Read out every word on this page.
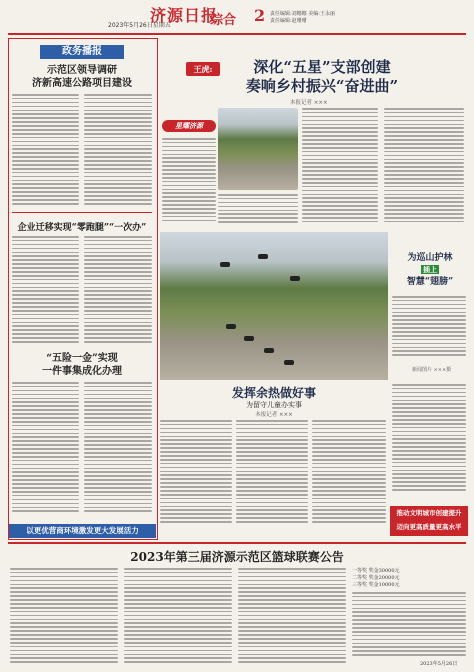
2023年5月26日星期五
济源日报
综合 2 责任编辑:刘娜娜 美编:王永丽
责任编辑:赵珊珊
政务播报
示范区领导调研
济新高速公路项目建设
企业迁移实现“零跑腿”“一次办”
“五险一金”实现
一件事集成化办理
以更优营商环境激发更大发展活力
王虎:	深化“五星”支部创建
奏响乡村振兴“奋进曲”
本报记者 ×××
星耀济源
为巡山护林
插上
智慧“翅膀”
新闻图片 ×××摄
发挥余热做好事
为留守儿童办实事
本报记者 ×××
推动文明城市创建提升
迈向更高质量更高水平
2023年第三届济源示范区篮球联赛公告
一等奖 奖金30000元
二等奖 奖金20000元
三等奖 奖金10000元
2023年5月26日
